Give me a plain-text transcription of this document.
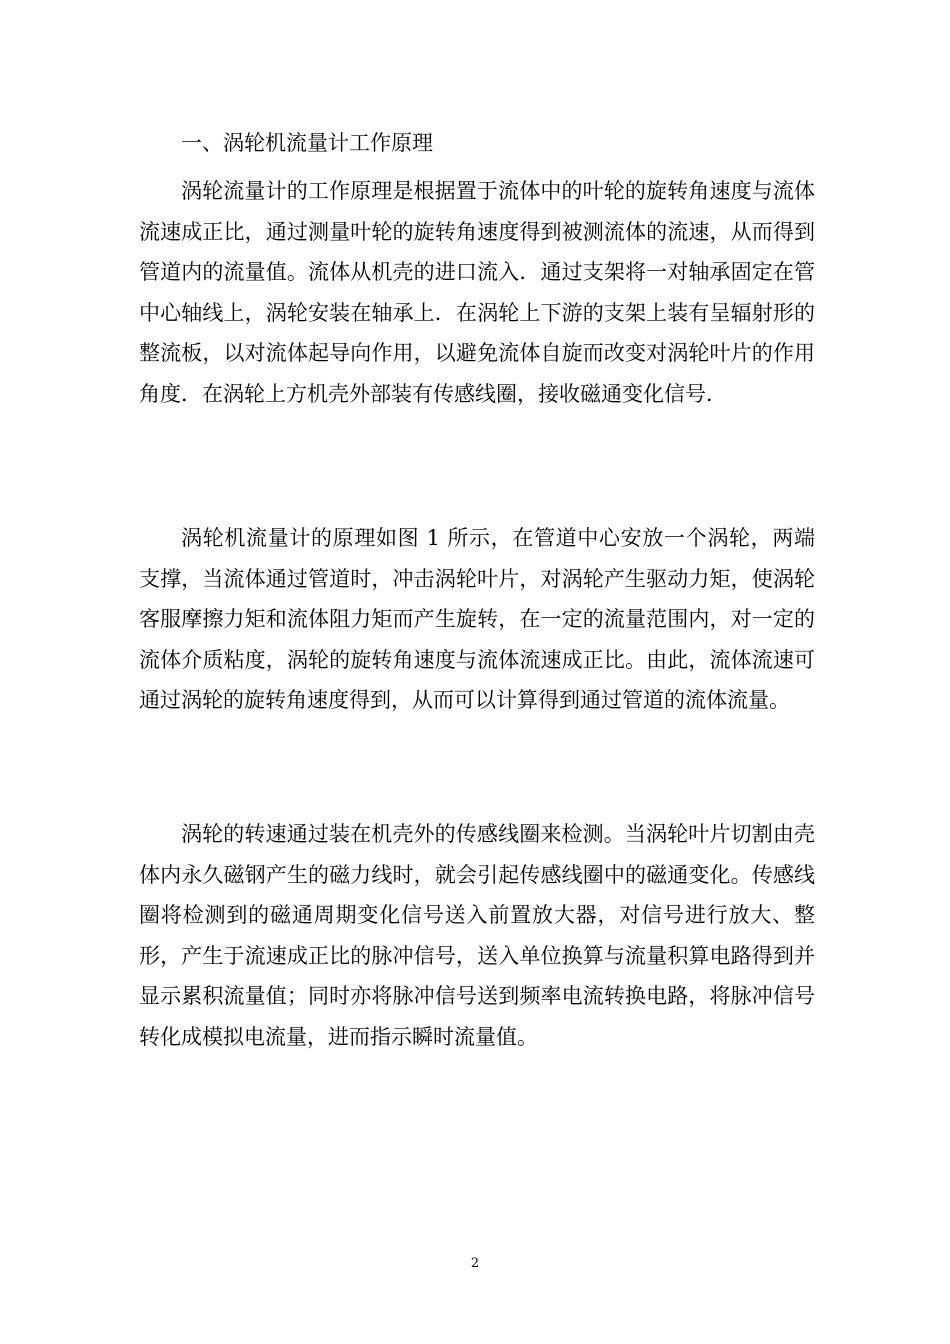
一、涡轮机流量计工作原理

涡轮流量计的工作原理是根据置于流体中的叶轮的旋转角速度与流体流速成正比，通过测量叶轮的旋转角速度得到被测流体的流速，从而得到管道内的流量值。流体从机壳的进口流入．通过支架将一对轴承固定在管中心轴线上，涡轮安装在轴承上．在涡轮上下游的支架上装有呈辐射形的整流板，以对流体起导向作用，以避免流体自旋而改变对涡轮叶片的作用角度．在涡轮上方机壳外部装有传感线圈，接收磁通变化信号．

涡轮机流量计的原理如图 1 所示，在管道中心安放一个涡轮，两端支撑，当流体通过管道时，冲击涡轮叶片，对涡轮产生驱动力矩，使涡轮客服摩擦力矩和流体阻力矩而产生旋转，在一定的流量范围内，对一定的流体介质粘度，涡轮的旋转角速度与流体流速成正比。由此，流体流速可通过涡轮的旋转角速度得到，从而可以计算得到通过管道的流体流量。

涡轮的转速通过装在机壳外的传感线圈来检测。当涡轮叶片切割由壳体内永久磁钢产生的磁力线时，就会引起传感线圈中的磁通变化。传感线圈将检测到的磁通周期变化信号送入前置放大器，对信号进行放大、整形，产生于流速成正比的脉冲信号，送入单位换算与流量积算电路得到并显示累积流量值；同时亦将脉冲信号送到频率电流转换电路，将脉冲信号转化成模拟电流量，进而指示瞬时流量值。

2
